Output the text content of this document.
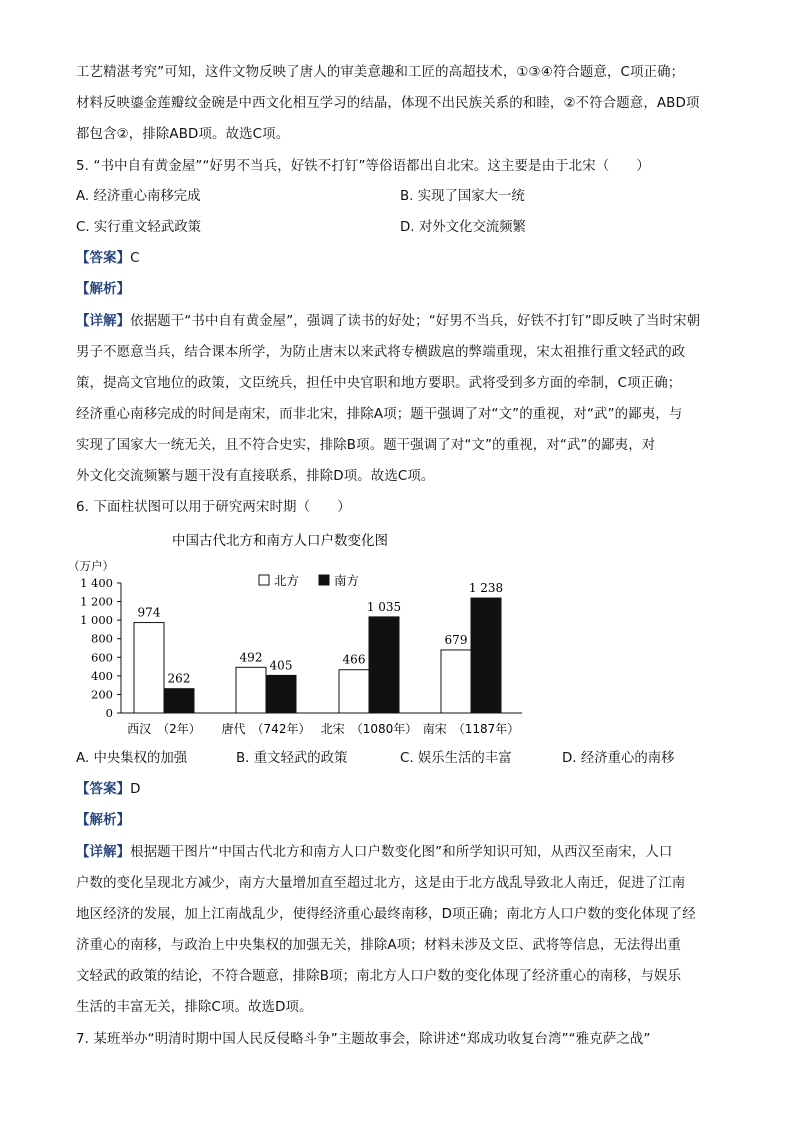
工艺精湛考究”可知，这件文物反映了唐人的审美意趣和工匠的高超技术，①③④符合题意，C项正确；
材料反映鎏金莲瓣纹金碗是中西文化相互学习的结晶，体现不出民族关系的和睦，②不符合题意，ABD项
都包含②，排除ABD项。故选C项。
5. “书中自有黄金屋”“好男不当兵，好铁不打钉”等俗语都出自北宋。这主要是由于北宋（　　）
A. 经济重心南移完成	B. 实现了国家大一统
C. 实行重文轻武政策	D. 对外文化交流频繁
【答案】C
【解析】
【详解】依据题干“书中自有黄金屋”，强调了读书的好处；“好男不当兵，好铁不打钉”即反映了当时宋朝
男子不愿意当兵，结合课本所学，为防止唐末以来武将专横跋扈的弊端重现，宋太祖推行重文轻武的政
策，提高文官地位的政策，文臣统兵，担任中央官职和地方要职。武将受到多方面的牵制，C项正确；
经济重心南移完成的时间是南宋，而非北宋，排除A项；题干强调了对“文”的重视，对“武”的鄙夷，与
实现了国家大一统无关，且不符合史实，排除B项。题干强调了对“文”的重视，对“武”的鄙夷，对
外文化交流频繁与题干没有直接联系，排除D项。故选C项。
6. 下面柱状图可以用于研究两宋时期（　　）
中国古代北方和南方人口户数变化图
（万户）
0
200
400
600
800
1 000
1 200
1 400	北方	南方
974
262
492
405	466
1 035
679
1 238
西汉　（2年） 唐代　（742年） 北宋　（1080年） 南宋　（1187年）
A. 中央集权的加强	B. 重文轻武的政策	C. 娱乐生活的丰富	D. 经济重心的南移
【答案】D
【解析】
【详解】根据题干图片“中国古代北方和南方人口户数变化图”和所学知识可知，从西汉至南宋，人口
户数的变化呈现北方减少，南方大量增加直至超过北方，这是由于北方战乱导致北人南迁，促进了江南
地区经济的发展，加上江南战乱少，使得经济重心最终南移，D项正确；南北方人口户数的变化体现了经
济重心的南移，与政治上中央集权的加强无关，排除A项；材料未涉及文臣、武将等信息，无法得出重
文轻武的政策的结论，不符合题意，排除B项；南北方人口户数的变化体现了经济重心的南移，与娱乐
生活的丰富无关，排除C项。故选D项。
7. 某班举办“明清时期中国人民反侵略斗争”主题故事会，除讲述“郑成功收复台湾”“雅克萨之战”
